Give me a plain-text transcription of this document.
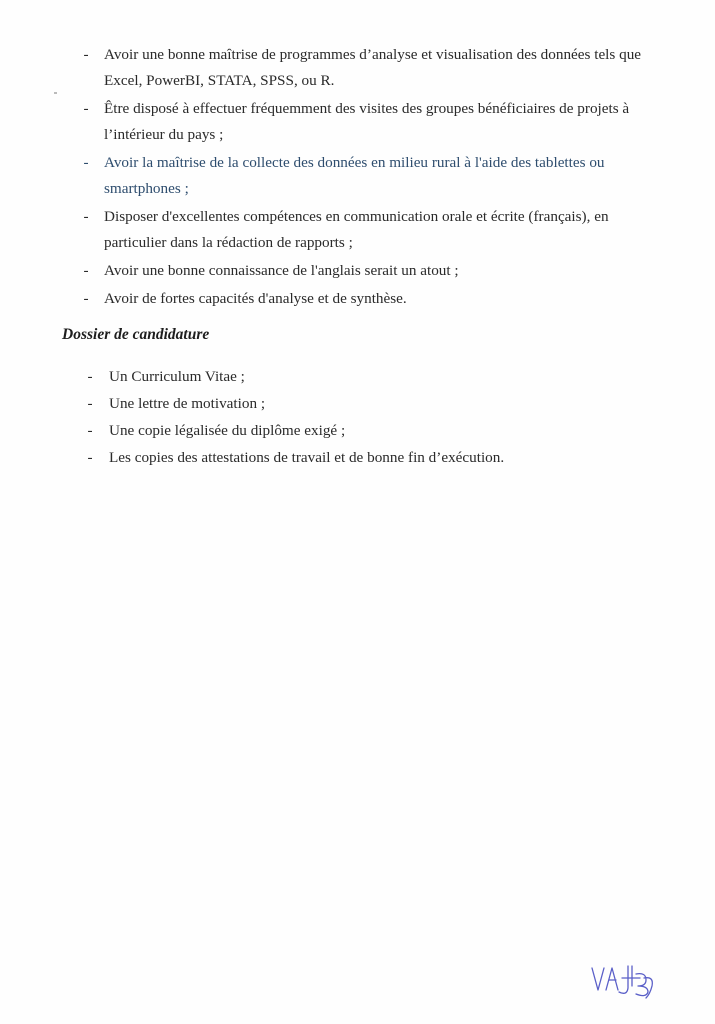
- Avoir une bonne maîtrise de programmes d’analyse et visualisation des données tels que Excel, PowerBI, STATA, SPSS, ou R.
- Être disposé à effectuer fréquemment des visites des groupes bénéficiaires de projets à l’intérieur du pays ;
- Avoir la maîtrise de la collecte des données en milieu rural à l'aide des tablettes ou smartphones ;
- Disposer d'excellentes compétences en communication orale et écrite (français), en particulier dans la rédaction de rapports ;
- Avoir une bonne connaissance de l'anglais serait un atout ;
- Avoir de fortes capacités d'analyse et de synthèse.
Dossier de candidature
- Un Curriculum Vitae ;
- Une lettre de motivation ;
- Une copie légalisée du diplôme exigé ;
- Les copies des attestations de travail et de bonne fin d’exécution.
